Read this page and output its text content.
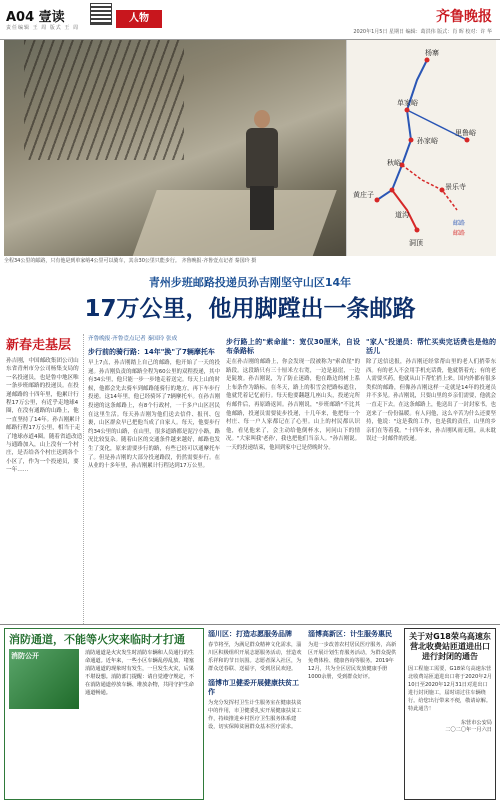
A04 壹读
责任编辑 王 周 版式 王 周
人物	齐鲁晚报
2020年1月5日 星期日 编辑：葛洪伟 版式：肖 晖 校对：许 华
杨寨
单家峪
里鲁峪
孙家峪
秋峪
景乐寺
黄庄子
道沟
洞顶
邮路
邮路
全程34公里的邮路，只有他是到单家峪4公里可以骑车，其余30公里只能步行。 齐鲁晚报·齐鲁壹点记者 秦国玲 摄
青州步班邮路投递员孙吉刚坚守山区14年
17万公里，他用脚蹚出一条邮路
新春走基层

孙吉刚，中国邮政集团公司山东省青州市分公司杨集支局的一名投递员，也是鲁中地区唯一条步班邮路的投递员。在投递邮路的十四年里，他累计行程17万公里，有近乎走地球4圈，在没有通路的山路上，他一直坚持了14年。孙吉刚累计邮路行程17万公里，相当于走了地球赤道4圈。随着省道改造与通路加入，山上没有一个村庄，是否给各个村庄送到各个小区了，作为一个投递员，要一年……

齐鲁晚报·齐鲁壹点记者 秦国玲 张成
步行前的骑行路：14年"换"了7辆摩托车

早上7点，孙吉刚踏上自己的邮路，他开始了一天的投递。孙吉刚负责的邮路全程为60公里的双程投递，其中有34公里，他只能一步一步地走着送完。每天上山的时候，他都会先去骑车到邮路能骑行的地方，再下车步行投递。这14年里，他已经骑坏了7辆摩托车。在孙吉刚投递的这条邮路上，有8个行政村，一千多户山区居民在这里生活。每天孙吉刚为他们送去信件、报刊、包裹，山区群众早已把他当成了自家人。每天，他要步行约34公里的山路，在山里，很多道路都是泥泞小路，路况比较复杂。随着山区的交通条件越来越好，邮路也发生了变化，原来需要步行的路，有些已经可以通摩托车了。但是孙吉刚的大部分投递路段，仍然需要步行。在从业的十多年里，孙吉刚累计行程达到17万公里。

步行路上的"索命崖"：宽仅30厘米，自设布条路标

走在孙吉刚的邮路上，你会发现一段被称为"索命崖"的路段。这段路只有三十厘米左右宽，一边是悬崖，一边是陡坡。孙吉刚说，为了防止迷路，他在路边的树上系上布条作为路标。在冬天，路上的积雪会把路标遮住，他就凭着记忆前行。每天他要翻越几座山头，投递完所有邮件后，再原路返回。孙吉刚说，"步班邮路"不比其他邮路，投递员需要徒步投递，十几年来，他把每一个村庄、每一户人家都记在了心里。山上的村民都认识他，看见他来了，会主动给他倒杯水，问问山下的情况。"大家叫我'老孙'，我也把他们当亲人。"孙吉刚说。一天的投递结束，他回到家中已是傍晚时分。

"家人"投递员：帮忙买卖完话费也是他的活儿

除了送信送报，孙吉刚还经常帮山里的老人们捎带东西。有的老人不会用手机充话费，他就帮着充；有的老人需要买药，他就从山下帮忙捎上来。国内外都有很多类似的邮路，但像孙吉刚这样一走就是14年的投递员并不多见。孙吉刚说，只要山里的乡亲们需要，他就会一直走下去。在这条邮路上，他送出了一封封家书，也送来了一份份温暖。有人问他，这么辛苦为什么还要坚持，他说："这是我的工作，也是我的责任，山里的乡亲们在等着我。"十四年来，孙吉刚风雨无阻，从未耽误过一封邮件的投递。

消防通道，不能等火灾来临时才打通
消防公开	消防通道是火灾发生时消防车辆和人员通行的生命通道。近年来，一些小区车辆乱停乱放、堵塞消防通道的现象时有发生，一旦发生火灾，后果不堪设想。消防部门提醒：请自觉遵守规定，不在消防通道停放车辆、堆放杂物，共同守护生命通道畅通。

淄川区：打造志愿服务品牌

春节将至，为满足群众精神文化需求，淄川区积极组织开展志愿服务活动，营造欢乐祥和的节日氛围。志愿者深入社区，为群众送春联、送福字，受到居民欢迎。

淄博市卫健委开展健康扶贫工作

为充分发挥村卫生计生服务室在健康扶贫中的作用，市卫健委扎实开展健康扶贫工作，持续推进乡村医疗卫生服务体系建设，切实保障贫困群众基本医疗需求。

淄博高新区：计生服务惠民

为进一步改善农村居民医疗服务，高新区开展计划生育服务活动，为群众提供免费体检、健康咨询等服务。2019年12月，共为全区居民发放健康手册1000余册，受到群众好评。

关于对G18荣乌高速东营北收费站匝道进出口进行封闭的通告

因工程施工需要，G18荣乌高速东营北收费站匝道进出口将于2020年2月10日至2020年12月31日对进出口进行封闭施工，届时请过往车辆绕行。给您出行带来不便，敬请谅解。特此通告！

东营市公安局
二〇二〇年一月六日
